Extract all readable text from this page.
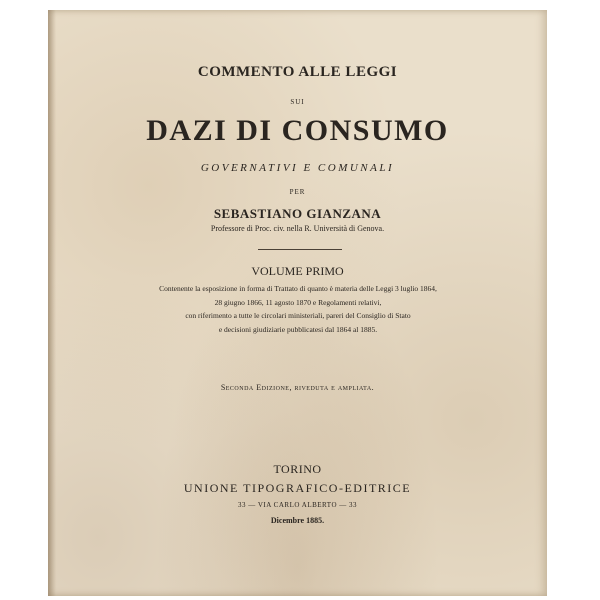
COMMENTO ALLE LEGGI
SUI
DAZI DI CONSUMO
GOVERNATIVI E COMUNALI
PER
SEBASTIANO GIANZANA
Professore di Proc. civ. nella R. Università di Genova.
VOLUME PRIMO
Contenente la esposizione in forma di Trattato di quanto è materia delle Leggi 3 luglio 1864,
28 giugno 1866, 11 agosto 1870 e Regolamenti relativi,
con riferimento a tutte le circolari ministeriali, pareri del Consiglio di Stato
e decisioni giudiziarie pubblicatesi dal 1864 al 1885.
Seconda Edizione, riveduta e ampliata.
TORINO
UNIONE TIPOGRAFICO-EDITRICE
33 — VIA CARLO ALBERTO — 33
Dicembre 1885.
